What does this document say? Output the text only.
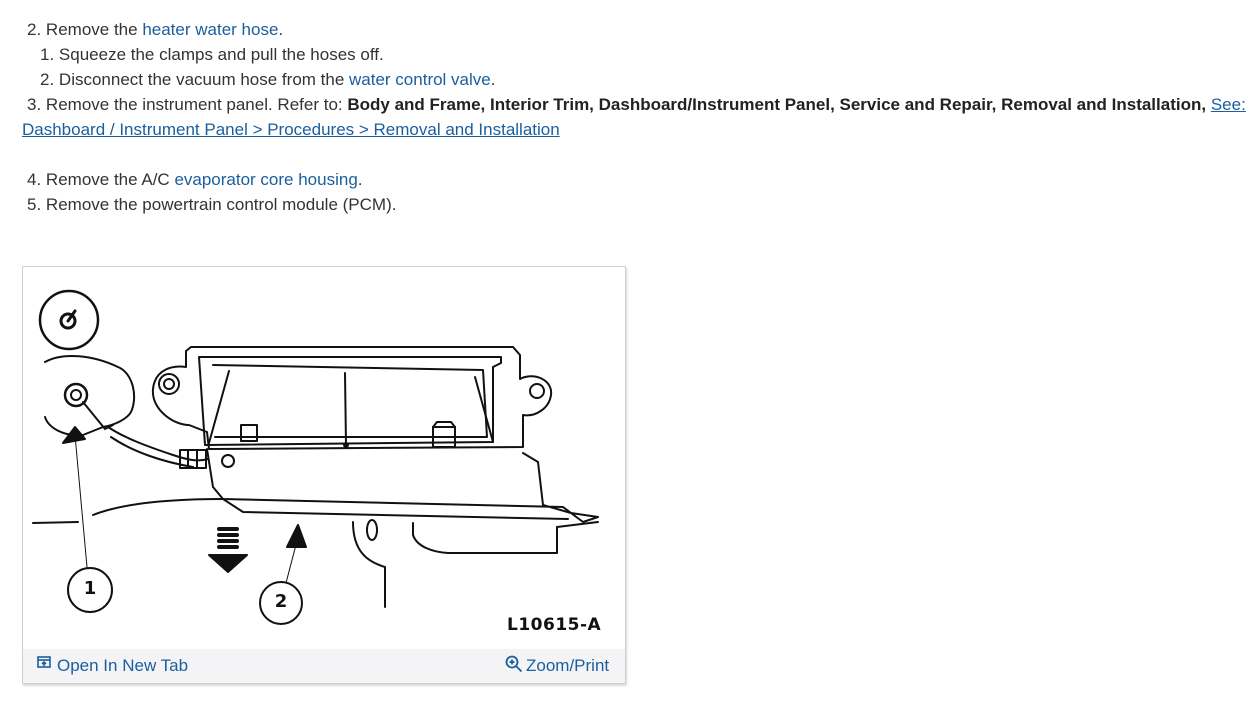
2. Remove the heater water hose.
1. Squeeze the clamps and pull the hoses off.
2. Disconnect the vacuum hose from the water control valve.
3. Remove the instrument panel. Refer to: Body and Frame, Interior Trim, Dashboard/Instrument Panel, Service and Repair, Removal and Installation, See:
Dashboard / Instrument Panel > Procedures > Removal and Installation
4. Remove the A/C evaporator core housing.
5. Remove the powertrain control module (PCM).
1
2
L10615-A
Open In New Tab	Zoom/Print
